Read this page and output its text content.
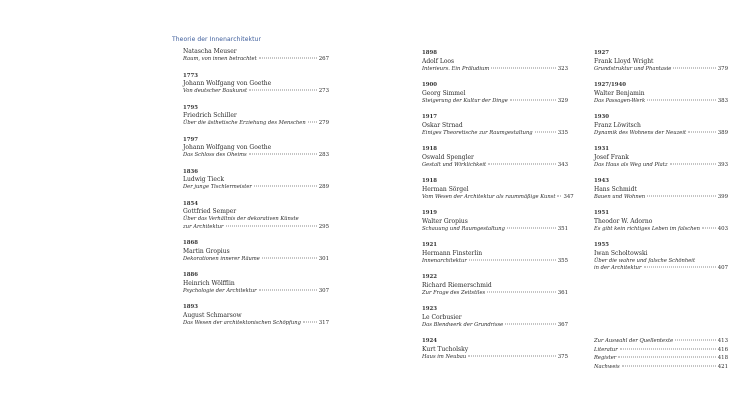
Theorie der Innenarchitektur
Natascha Meuser
Raum, von innen betrachtet	267
1773
Johann Wolfgang von Goethe
Von deutscher Baukunst	273
1795
Friedrich Schiller
Über die ästhetische Erziehung des Menschen 279
1797
Johann Wolfgang von Goethe
Das Schloss des Oheims	283
1836
Ludwig Tieck
Der junge Tischlermeister	289
1854
Gottfried Semper
Über das Verhältnis der dekorativen Künste
zur Architektur	295
1868
Martin Gropius
Dekorationen innerer Räume	301
1886
Heinrich Wölfflin
Psychologie der Architektur	307
1893
August Schmarsow
Das Wesen der architektonischen Schöpfung	317
1898
Adolf Loos
Interieurs. Ein Präludium	323
1900
Georg Simmel
Steigerung der Kultur der Dinge	329
1917
Oskar Strnad
Einiges Theoretische zur Raumgestaltung	335
1918
Oswald Spengler
Gestalt und Wirklichkeit	343
1918
Herman Sörgel
Vom Wesen der Architektur als raummäßige Kunst 347
1919
Walter Gropius
Schauung und Raumgestaltung	351
1921
Hermann Finsterlin
Innenarchitektur	355
1922
Richard Riemerschmid
Zur Frage des Zeitstiles	361
1923
Le Corbusier
Das Blendwerk der Grundrisse	367
1924
Kurt Tucholsky
Haus im Neubau	375
1927
Frank Lloyd Wright
Grundstruktur und Phantasie	379
1927/1940
Walter Benjamin
Das Passagen-Werk	383
1930
Franz Löwitsch
Dynamik des Wohnens der Neuzeit	389
1931
Josef Frank
Das Haus als Weg und Platz	393
1943
Hans Schmidt
Bauen und Wohnen	399
1951
Theodor W. Adorno
Es gibt kein richtiges Leben im falschen	403
1955
Iwan Scholtowski
Über die wahre und falsche Schönheit
in der Architektur	407
Zur Auswahl der Quellentexte	413
Literatur	416
Register	418
Nachweis	421
